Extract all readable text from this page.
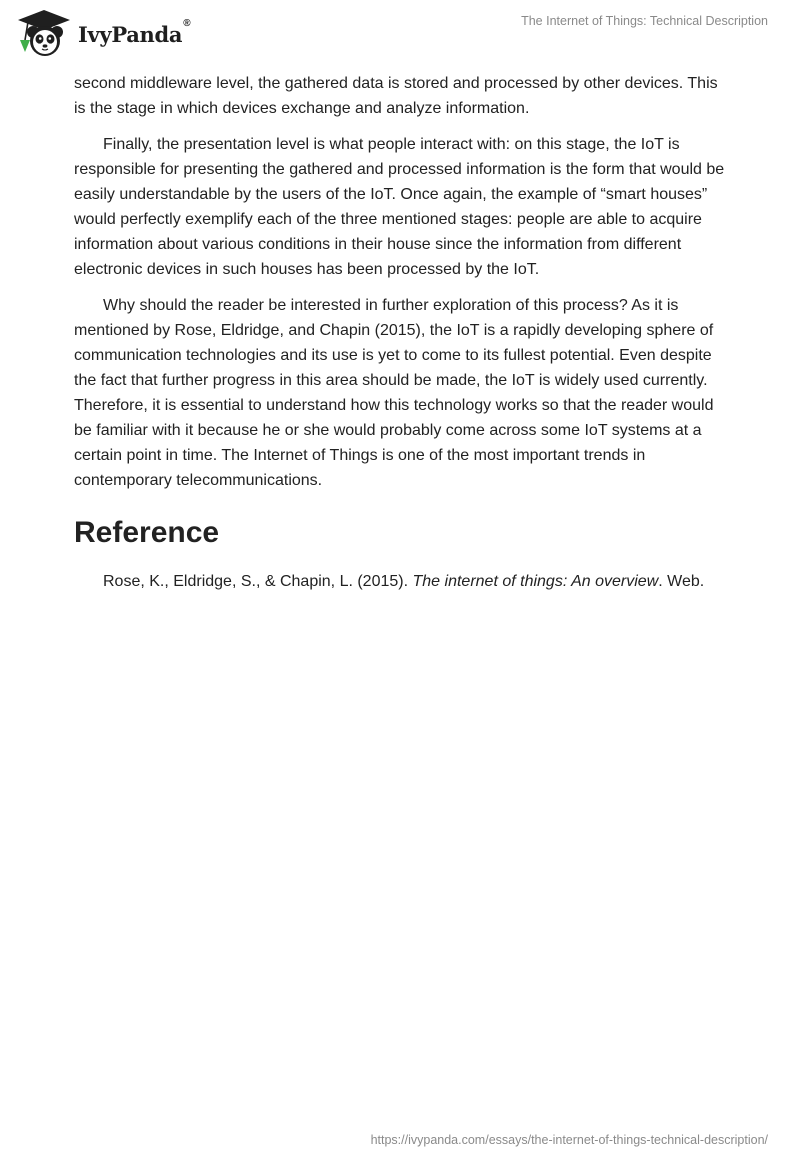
IvyPanda®	The Internet of Things: Technical Description

second middleware level, the gathered data is stored and processed by other devices. This is the stage in which devices exchange and analyze information.

Finally, the presentation level is what people interact with: on this stage, the IoT is responsible for presenting the gathered and processed information is the form that would be easily understandable by the users of the IoT. Once again, the example of “smart houses” would perfectly exemplify each of the three mentioned stages: people are able to acquire information about various conditions in their house since the information from different electronic devices in such houses has been processed by the IoT.

Why should the reader be interested in further exploration of this process? As it is mentioned by Rose, Eldridge, and Chapin (2015), the IoT is a rapidly developing sphere of communication technologies and its use is yet to come to its fullest potential. Even despite the fact that further progress in this area should be made, the IoT is widely used currently. Therefore, it is essential to understand how this technology works so that the reader would be familiar with it because he or she would probably come across some IoT systems at a certain point in time. The Internet of Things is one of the most important trends in contemporary telecommunications.

Reference

Rose, K., Eldridge, S., & Chapin, L. (2015). The internet of things: An overview. Web.

https://ivypanda.com/essays/the-internet-of-things-technical-description/
